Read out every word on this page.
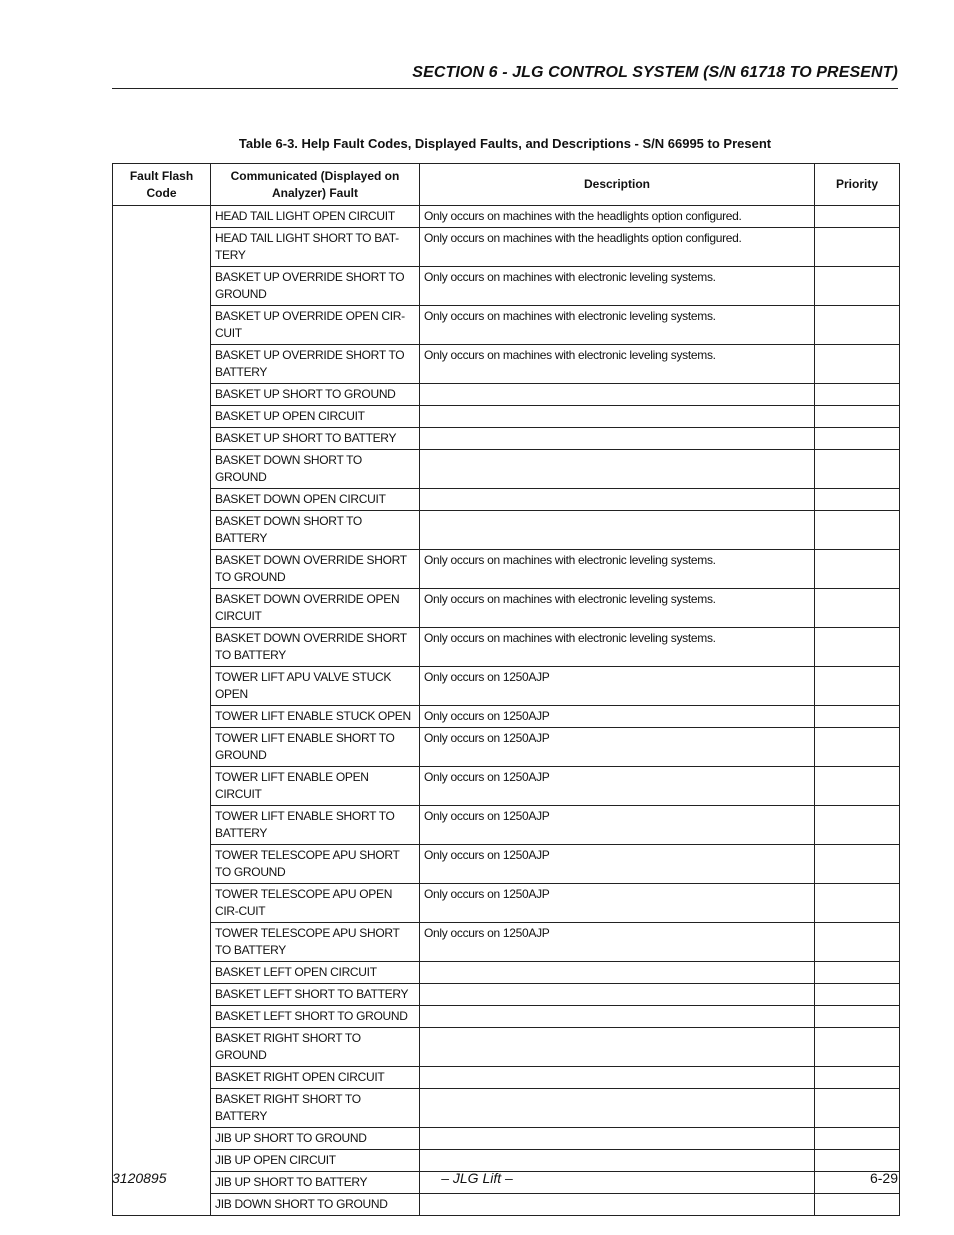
SECTION 6 - JLG CONTROL SYSTEM (S/N 61718 TO PRESENT)
Table 6-3. Help Fault Codes, Displayed Faults, and Descriptions - S/N 66995 to Present
Fault Flash Code	Communicated (Displayed on Analyzer) Fault	Description	Priority
	HEAD TAIL LIGHT OPEN CIRCUIT	Only occurs on machines with the headlights option configured.	
	HEAD TAIL LIGHT SHORT TO BAT-TERY	Only occurs on machines with the headlights option configured.	
	BASKET UP OVERRIDE SHORT TO GROUND	Only occurs on machines with electronic leveling systems.	
	BASKET UP OVERRIDE OPEN CIR-CUIT	Only occurs on machines with electronic leveling systems.	
	BASKET UP OVERRIDE SHORT TO BATTERY	Only occurs on machines with electronic leveling systems.	
	BASKET UP SHORT TO GROUND		
	BASKET UP OPEN CIRCUIT		
	BASKET UP SHORT TO BATTERY		
	BASKET DOWN SHORT TO GROUND		
	BASKET DOWN OPEN CIRCUIT		
	BASKET DOWN SHORT TO BATTERY		
	BASKET DOWN OVERRIDE SHORT TO GROUND	Only occurs on machines with electronic leveling systems.	
	BASKET DOWN OVERRIDE OPEN CIRCUIT	Only occurs on machines with electronic leveling systems.	
	BASKET DOWN OVERRIDE SHORT TO BATTERY	Only occurs on machines with electronic leveling systems.	
	TOWER LIFT APU VALVE STUCK OPEN	Only occurs on 1250AJP	
	TOWER LIFT ENABLE STUCK OPEN	Only occurs on 1250AJP	
	TOWER LIFT ENABLE SHORT TO GROUND	Only occurs on 1250AJP	
	TOWER LIFT ENABLE OPEN CIRCUIT	Only occurs on 1250AJP	
	TOWER LIFT ENABLE SHORT TO BATTERY	Only occurs on 1250AJP	
	TOWER TELESCOPE APU SHORT TO GROUND	Only occurs on 1250AJP	
	TOWER TELESCOPE APU OPEN CIR-CUIT	Only occurs on 1250AJP	
	TOWER TELESCOPE APU SHORT TO BATTERY	Only occurs on 1250AJP	
	BASKET LEFT OPEN CIRCUIT		
	BASKET LEFT SHORT TO BATTERY		
	BASKET LEFT SHORT TO GROUND		
	BASKET RIGHT SHORT TO GROUND		
	BASKET RIGHT OPEN CIRCUIT		
	BASKET RIGHT SHORT TO BATTERY		
	JIB UP SHORT TO GROUND		
	JIB UP OPEN CIRCUIT		
	JIB UP SHORT TO BATTERY		
	JIB DOWN SHORT TO GROUND		
3120895	– JLG Lift –	6-29
